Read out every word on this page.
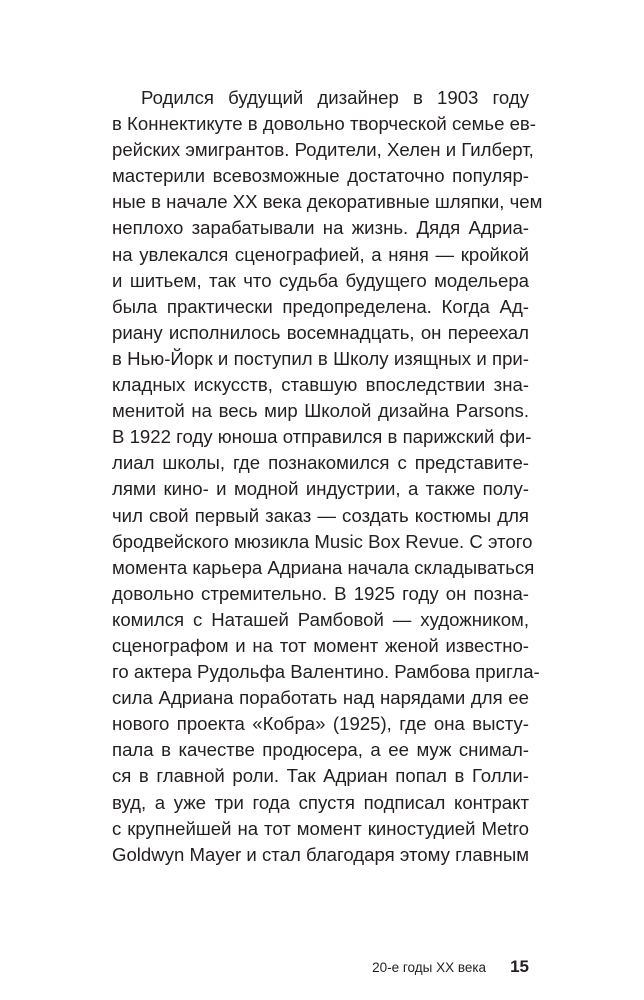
Родился будущий дизайнер в 1903 году
в Коннектикуте в довольно творческой семье ев-
рейских эмигрантов. Родители, Хелен и Гилберт,
мастерили всевозможные достаточно популяр-
ные в начале XX века декоративные шляпки, чем
неплохо зарабатывали на жизнь. Дядя Адриа-
на увлекался сценографией, а няня — кройкой
и шитьем, так что судьба будущего модельера
была практически предопределена. Когда Ад-
риану исполнилось восемнадцать, он переехал
в Нью-Йорк и поступил в Школу изящных и при-
кладных искусств, ставшую впоследствии зна-
менитой на весь мир Школой дизайна Parsons.
В 1922 году юноша отправился в парижский фи-
лиал школы, где познакомился с представите-
лями кино- и модной индустрии, а также полу-
чил свой первый заказ — создать костюмы для
бродвейского мюзикла Music Box Revue. С этого
момента карьера Адриана начала складываться
довольно стремительно. В 1925 году он позна-
комился с Наташей Рамбовой — художником,
сценографом и на тот момент женой известно-
го актера Рудольфа Валентино. Рамбова пригла-
сила Адриана поработать над нарядами для ее
нового проекта «Кобра» (1925), где она высту-
пала в качестве продюсера, а ее муж снимал-
ся в главной роли. Так Адриан попал в Голли-
вуд, а уже три года спустя подписал контракт
с крупнейшей на тот момент киностудией Metro
Goldwyn Mayer и стал благодаря этому главным
20-е годы XX века 15
